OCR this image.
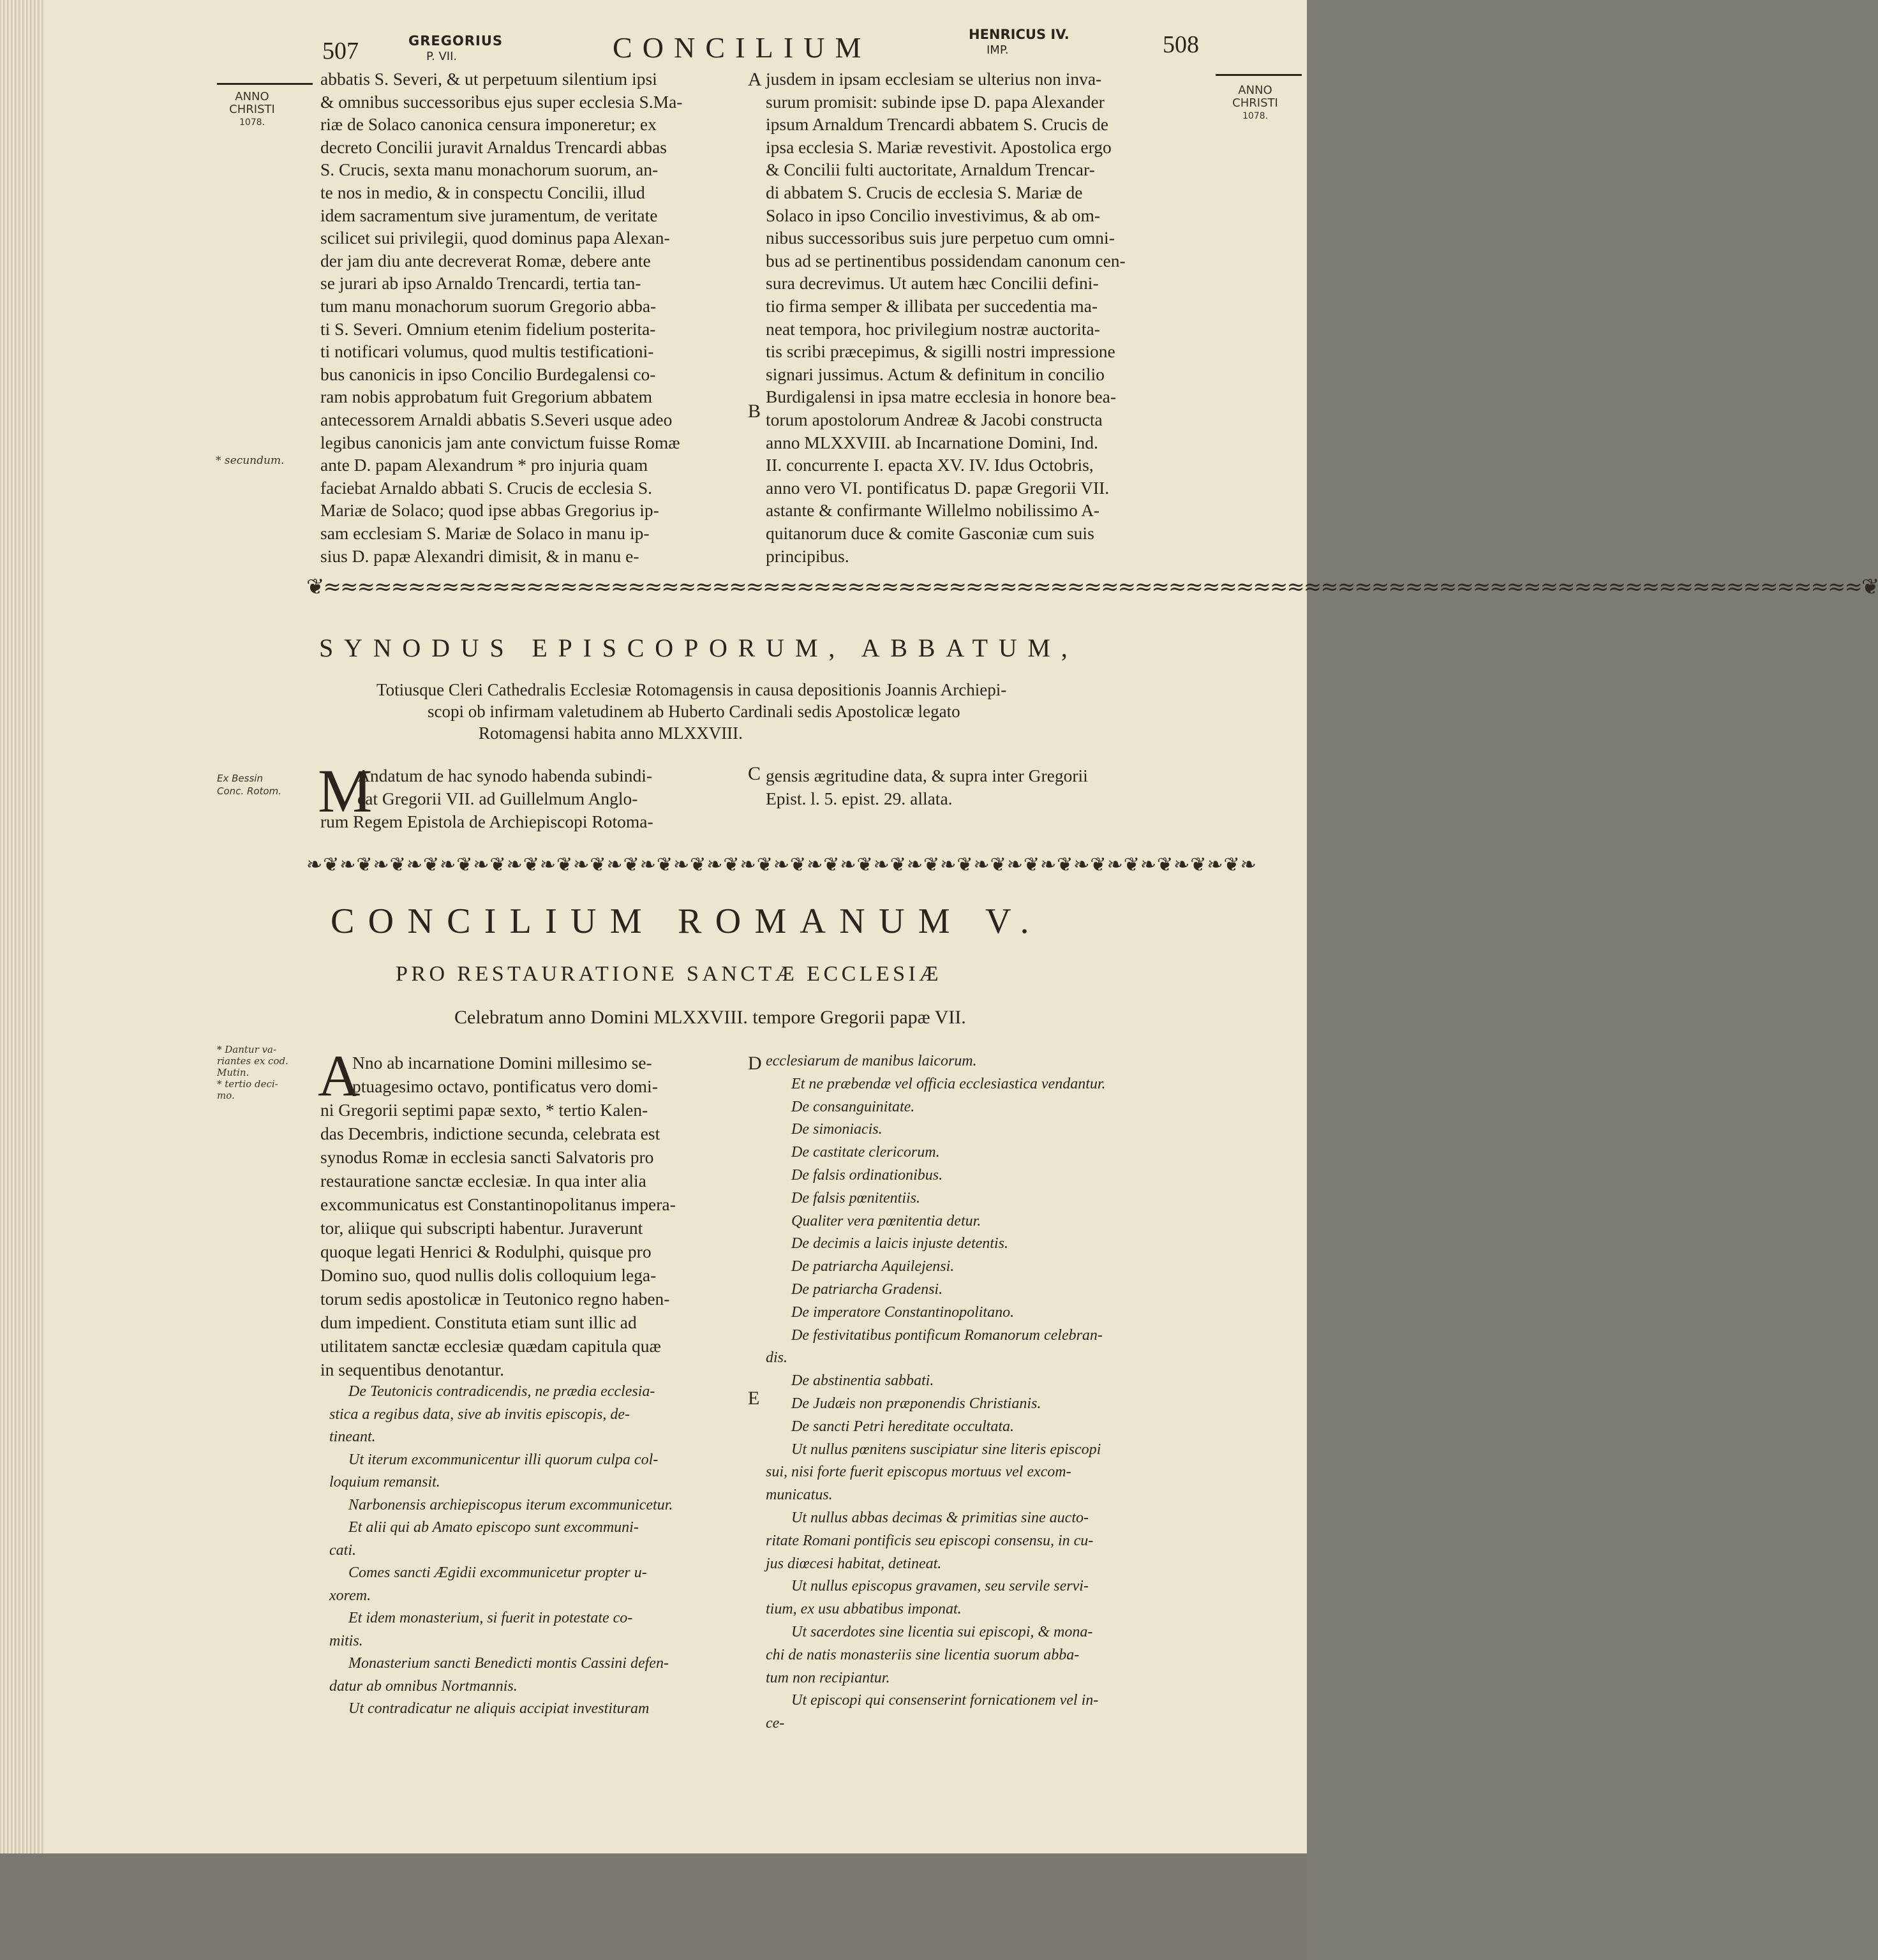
507	GREGORIUS
P. VII.	CONCILIUM	HENRICUS IV.
IMP.	508
ANNO
CHRISTI
1078.
ANNO
CHRISTI
1078.
* secundum.
abbatis S. Severi, & ut perpetuum silentium ipsi
& omnibus successoribus ejus super ecclesia S.Ma-
riæ de Solaco canonica censura imponeretur; ex
decreto Concilii juravit Arnaldus Trencardi abbas
S. Crucis, sexta manu monachorum suorum, an-
te nos in medio, & in conspectu Concilii, illud
idem sacramentum sive juramentum, de veritate
scilicet sui privilegii, quod dominus papa Alexan-
der jam diu ante decreverat Romæ, debere ante
se jurari ab ipso Arnaldo Trencardi, tertia tan-
tum manu monachorum suorum Gregorio abba-
ti S. Severi. Omnium etenim fidelium posterita-
ti notificari volumus, quod multis testificationi-
bus canonicis in ipso Concilio Burdegalensi co-
ram nobis approbatum fuit Gregorium abbatem
antecessorem Arnaldi abbatis S.Severi usque adeo
legibus canonicis jam ante convictum fuisse Romæ
ante D. papam Alexandrum * pro injuria quam
faciebat Arnaldo abbati S. Crucis de ecclesia S.
Mariæ de Solaco; quod ipse abbas Gregorius ip-
sam ecclesiam S. Mariæ de Solaco in manu ip-
sius D. papæ Alexandri dimisit, & in manu e-
jusdem in ipsam ecclesiam se ulterius non inva-
surum promisit: subinde ipse D. papa Alexander
ipsum Arnaldum Trencardi abbatem S. Crucis de
ipsa ecclesia S. Mariæ revestivit. Apostolica ergo
& Concilii fulti auctoritate, Arnaldum Trencar-
di abbatem S. Crucis de ecclesia S. Mariæ de
Solaco in ipso Concilio investivimus, & ab om-
nibus successoribus suis jure perpetuo cum omni-
bus ad se pertinentibus possidendam canonum cen-
sura decrevimus. Ut autem hæc Concilii defini-
tio firma semper & illibata per succedentia ma-
neat tempora, hoc privilegium nostræ auctorita-
tis scribi præcepimus, & sigilli nostri impressione
signari jussimus. Actum & definitum in concilio
Burdigalensi in ipsa matre ecclesia in honore bea-
torum apostolorum Andreæ & Jacobi constructa
anno MLXXVIII. ab Incarnatione Domini, Ind.
II. concurrente I. epacta XV. IV. Idus Octobris,
anno vero VI. pontificatus D. papæ Gregorii VII.
astante & confirmante Willelmo nobilissimo A-
quitanorum duce & comite Gasconiæ cum suis
principibus.
A
B
❦≈≈≈≈≈≈≈≈≈≈≈≈≈≈≈≈≈≈≈≈≈≈≈≈≈≈≈≈≈≈≈≈≈≈≈≈≈≈≈≈≈≈≈≈≈≈≈≈≈≈≈≈≈≈≈≈≈≈≈≈≈≈≈≈≈≈≈≈≈≈≈≈≈≈≈≈≈≈≈≈≈≈≈≈≈≈≈≈≈≈≈❦
SYNODUS EPISCOPORUM, ABBATUM,
Totiusque Cleri Cathedralis Ecclesiæ Rotomagensis in causa depositionis Joannis Archiepi-
scopi ob infirmam valetudinem ab Huberto Cardinali sedis Apostolicæ legato
Rotomagensi habita anno MLXXVIII.
Ex Bessin
Conc. Rotom. M
Andatum de hac synodo habenda subindi-
cat Gregorii VII. ad Guillelmum Anglo-
rum Regem Epistola de Archiepiscopi Rotoma-
gensis ægritudine data, & supra inter Gregorii
Epist. l. 5. epist. 29. allata.
C
❧❦❧❦❧❦❧❦❧❦❧❦❧❦❧❦❧❦❧❦❧❦❧❦❧❦❧❦❧❦❧❦❧❦❧❦❧❦❧❦❧❦❧❦❧❦❧❦❧❦❧❦❧❦❧❦❧
CONCILIUM ROMANUM V.
PRO RESTAURATIONE SANCTÆ ECCLESIÆ
Celebratum anno Domini MLXXVIII. tempore Gregorii papæ VII.
* Dantur va-
riantes ex cod.
Mutin.
* tertio deci-
mo.	A
Nno ab incarnatione Domini millesimo se-
ptuagesimo octavo, pontificatus vero domi-
ni Gregorii septimi papæ sexto, * tertio Kalen-
das Decembris, indictione secunda, celebrata est
synodus Romæ in ecclesia sancti Salvatoris pro
restauratione sanctæ ecclesiæ. In qua inter alia
excommunicatus est Constantinopolitanus impera-
tor, aliique qui subscripti habentur. Juraverunt
quoque legati Henrici & Rodulphi, quisque pro
Domino suo, quod nullis dolis colloquium lega-
torum sedis apostolicæ in Teutonico regno haben-
dum impedient. Constituta etiam sunt illic ad
utilitatem sanctæ ecclesiæ quædam capitula quæ
in sequentibus denotantur.
De Teutonicis contradicendis, ne prædia ecclesia-
stica a regibus data, sive ab invitis episcopis, de-
tineant.
Ut iterum excommunicentur illi quorum culpa col-
loquium remansit.
Narbonensis archiepiscopus iterum excommunicetur.
Et alii qui ab Amato episcopo sunt excommuni-
cati.
Comes sancti Ægidii excommunicetur propter u-
xorem.
Et idem monasterium, si fuerit in potestate co-
mitis.
Monasterium sancti Benedicti montis Cassini defen-
datur ab omnibus Nortmannis.
Ut contradicatur ne aliquis accipiat investituram
ecclesiarum de manibus laicorum.
Et ne præbendæ vel officia ecclesiastica vendantur.
De consanguinitate.
De simoniacis.
De castitate clericorum.
De falsis ordinationibus.
De falsis pœnitentiis.
Qualiter vera pœnitentia detur.
De decimis a laicis injuste detentis.
De patriarcha Aquilejensi.
De patriarcha Gradensi.
De imperatore Constantinopolitano.
De festivitatibus pontificum Romanorum celebran-
dis.
De abstinentia sabbati.
De Judæis non præponendis Christianis.
De sancti Petri hereditate occultata.
Ut nullus pœnitens suscipiatur sine literis episcopi
sui, nisi forte fuerit episcopus mortuus vel excom-
municatus.
Ut nullus abbas decimas & primitias sine aucto-
ritate Romani pontificis seu episcopi consensu, in cu-
jus diœcesi habitat, detineat.
Ut nullus episcopus gravamen, seu servile servi-
tium, ex usu abbatibus imponat.
Ut sacerdotes sine licentia sui episcopi, & mona-
chi de natis monasteriis sine licentia suorum abba-
tum non recipiantur.
Ut episcopi qui consenserint fornicationem vel in-
ce-
D
E
